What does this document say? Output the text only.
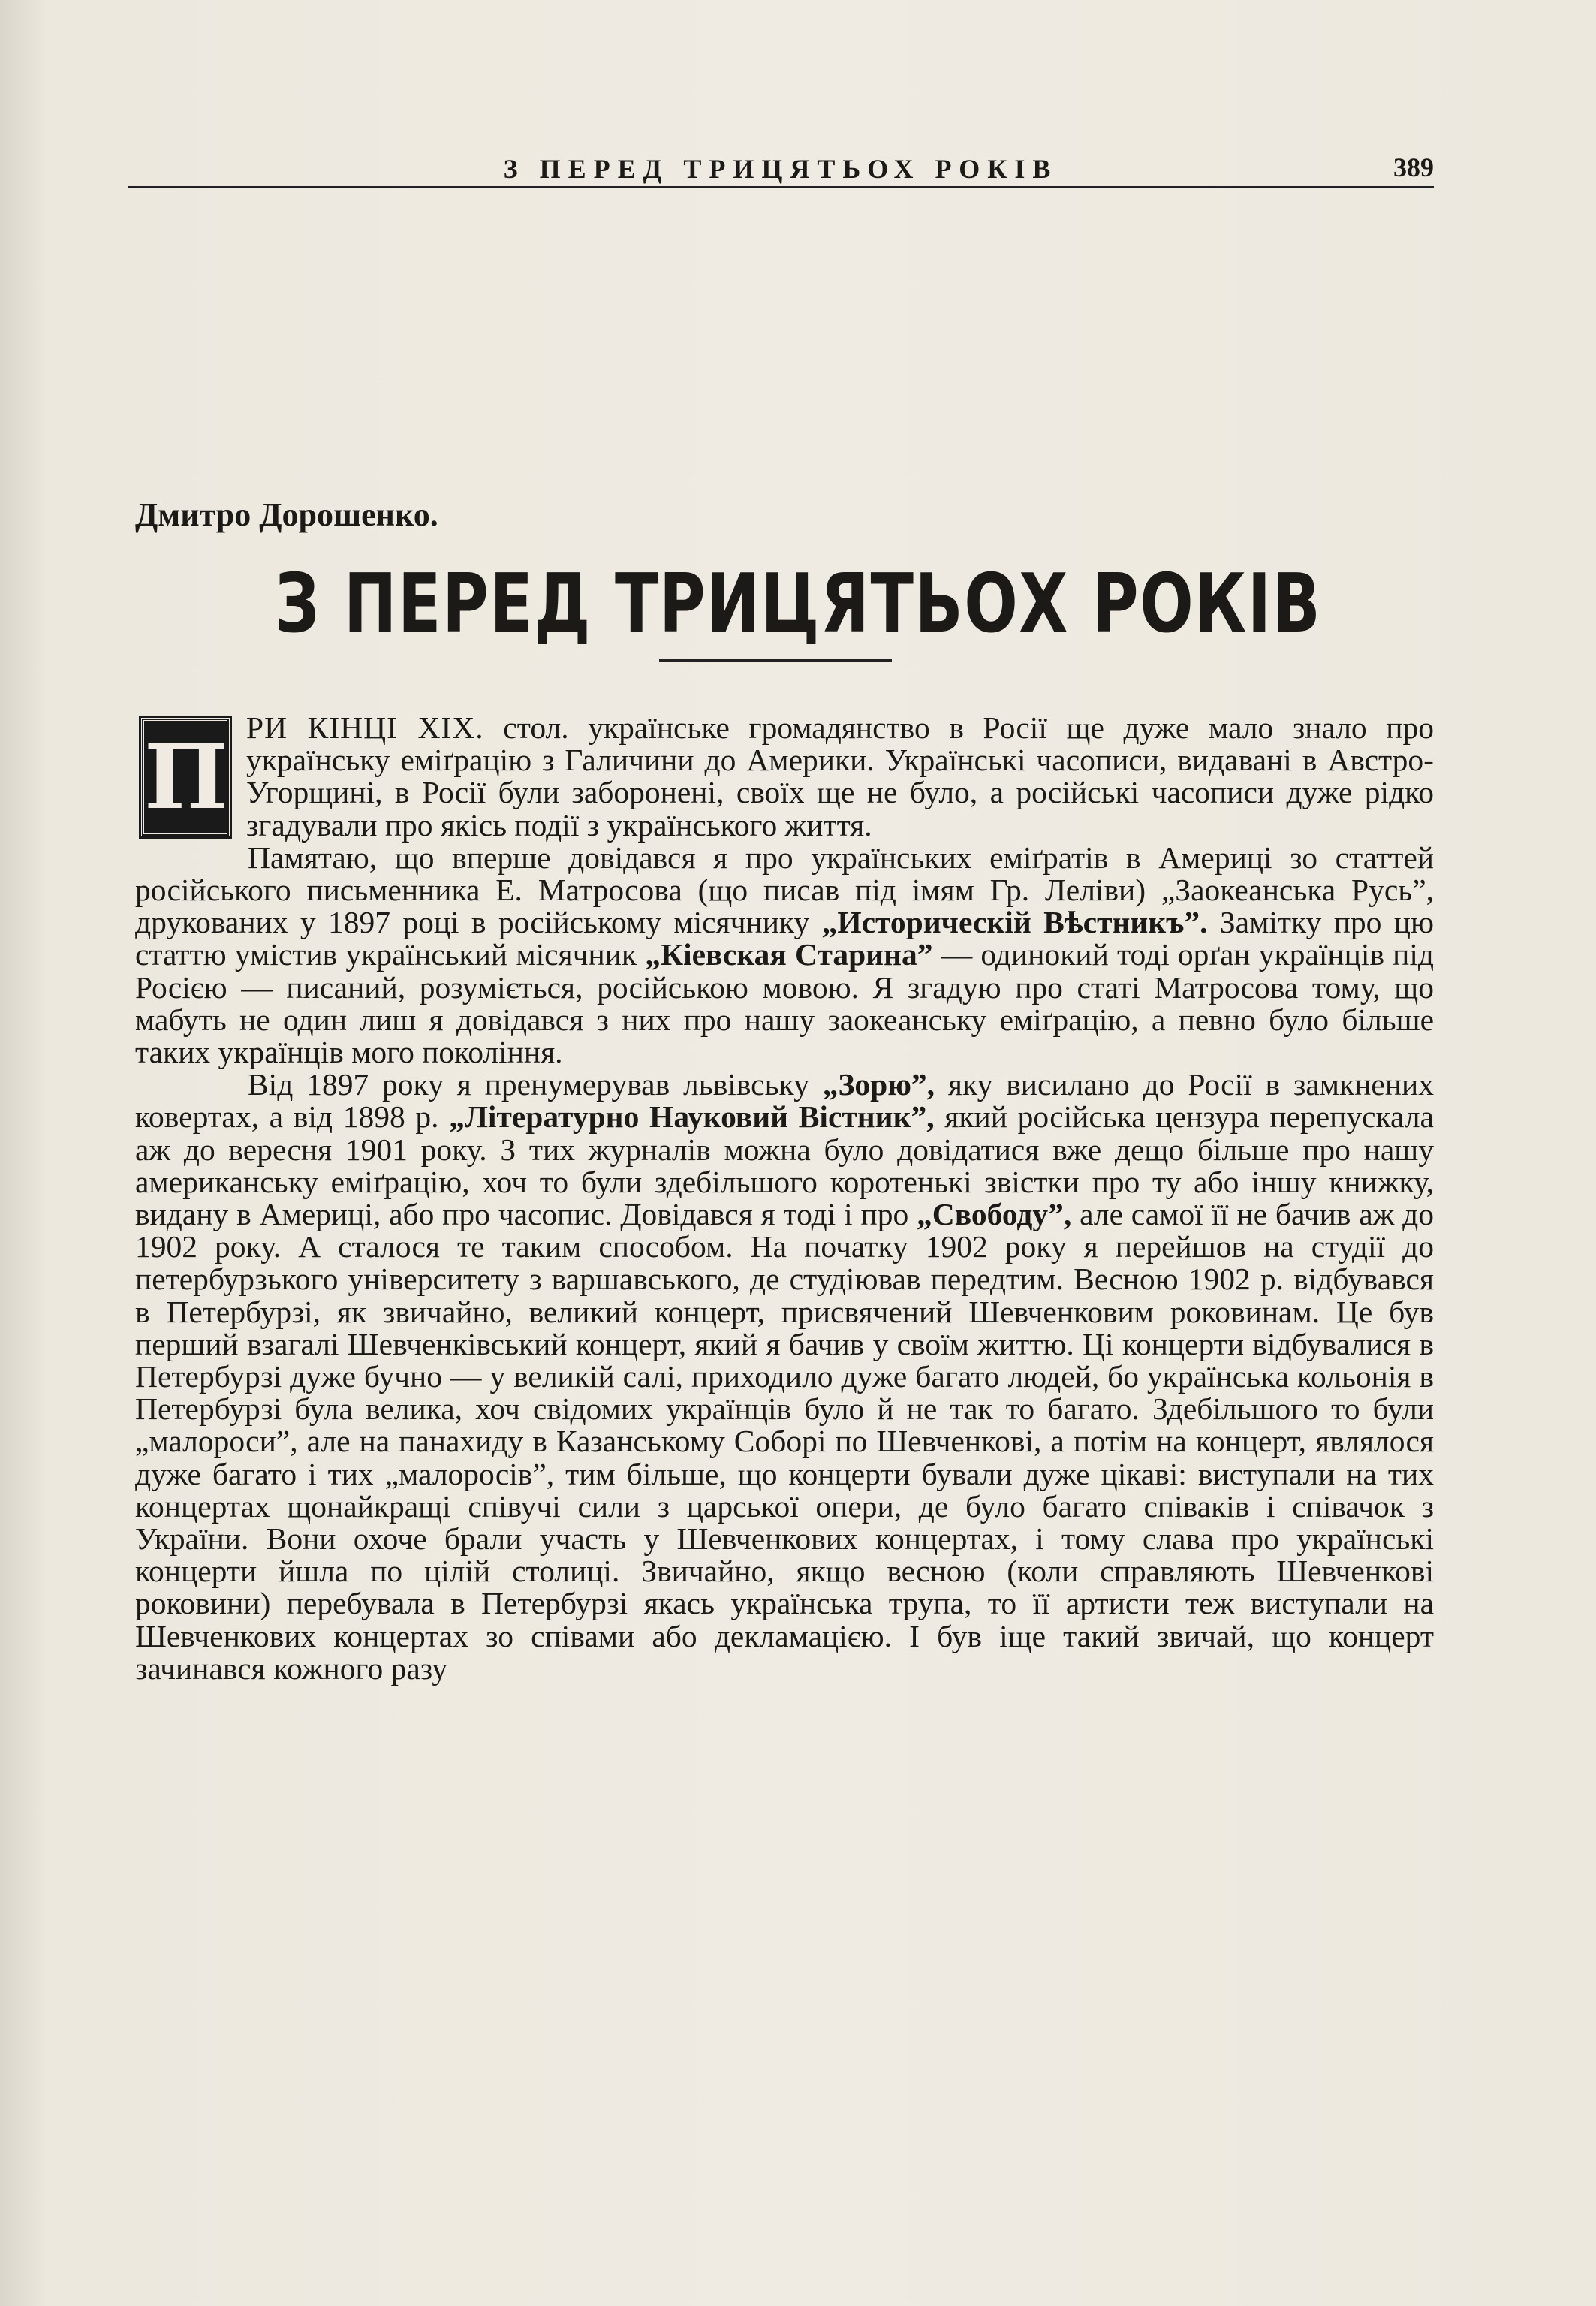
З ПЕРЕД ТРИЦЯТЬОХ РОКІВ	389
Дмитро Дорошенко.
З ПЕРЕД ТРИЦЯТЬОХ РОКІВ

П РИ КІНЦІ XIX. стол. українське громадянство в Росії ще дуже мало знало про українську еміґрацію з Галичини до Америки. Українські часописи, видавані в Австро-Угорщині, в Росії були заборонені, своїх ще не було, а російські часописи дуже рідко згадували про якісь події з українського життя.

Памятаю, що вперше довідався я про українських еміґратів в Америці зо статтей російського письменника Е. Матросова (що писав під імям Гр. Леліви) „Заокеанська Русь”, друкованих у 1897 році в російському місячнику „Историческій Вѣстникъ”. Замітку про цю статтю умістив український місячник „Кіевская Старина” — одинокий тоді орґан українців під Росією — писаний, розуміється, російською мовою. Я згадую про статі Матросова тому, що мабуть не один лиш я довідався з них про нашу заокеанську еміґрацію, а певно було більше таких українців мого покоління.

Від 1897 року я пренумерував львівську „Зорю”, яку висилано до Росії в замкнених ковертах, а від 1898 р. „Літературно Науковий Вістник”, який російська цензура перепускала аж до вересня 1901 року. З тих журналів можна було довідатися вже дещо більше про нашу американську еміґрацію, хоч то були здебільшого коротенькі звістки про ту або іншу книжку, видану в Америці, або про часопис. Довідався я тоді і про „Свободу”, але самої її не бачив аж до 1902 року. А сталося те таким способом. На початку 1902 року я перейшов на студії до петербурзького університету з варшавського, де студіював передтим. Весною 1902 р. відбувався в Петербурзі, як звичайно, великий концерт, присвячений Шевченковим роковинам. Це був перший взагалі Шевченківський концерт, який я бачив у своїм життю. Ці концерти відбувалися в Петербурзі дуже бучно — у великій салі, приходило дуже багато людей, бо українська кольонія в Петербурзі була велика, хоч свідомих українців було й не так то багато. Здебільшого то були „малороси”, але на панахиду в Казанському Соборі по Шевченкові, а потім на концерт, являлося дуже багато і тих „малоросів”, тим більше, що концерти бували дуже цікаві: виступали на тих концертах щонайкращі співучі сили з царської опери, де було багато співаків і співачок з України. Вони охоче брали участь у Шевченкових концертах, і тому слава про українські концерти йшла по цілій столиці. Звичайно, якщо весною (коли справляють Шевченкові роковини) перебувала в Петербурзі якась українська трупа, то її артисти теж виступали на Шевченкових концертах зо співами або декламацією. І був іще такий звичай, що концерт зачинався кожного разу
